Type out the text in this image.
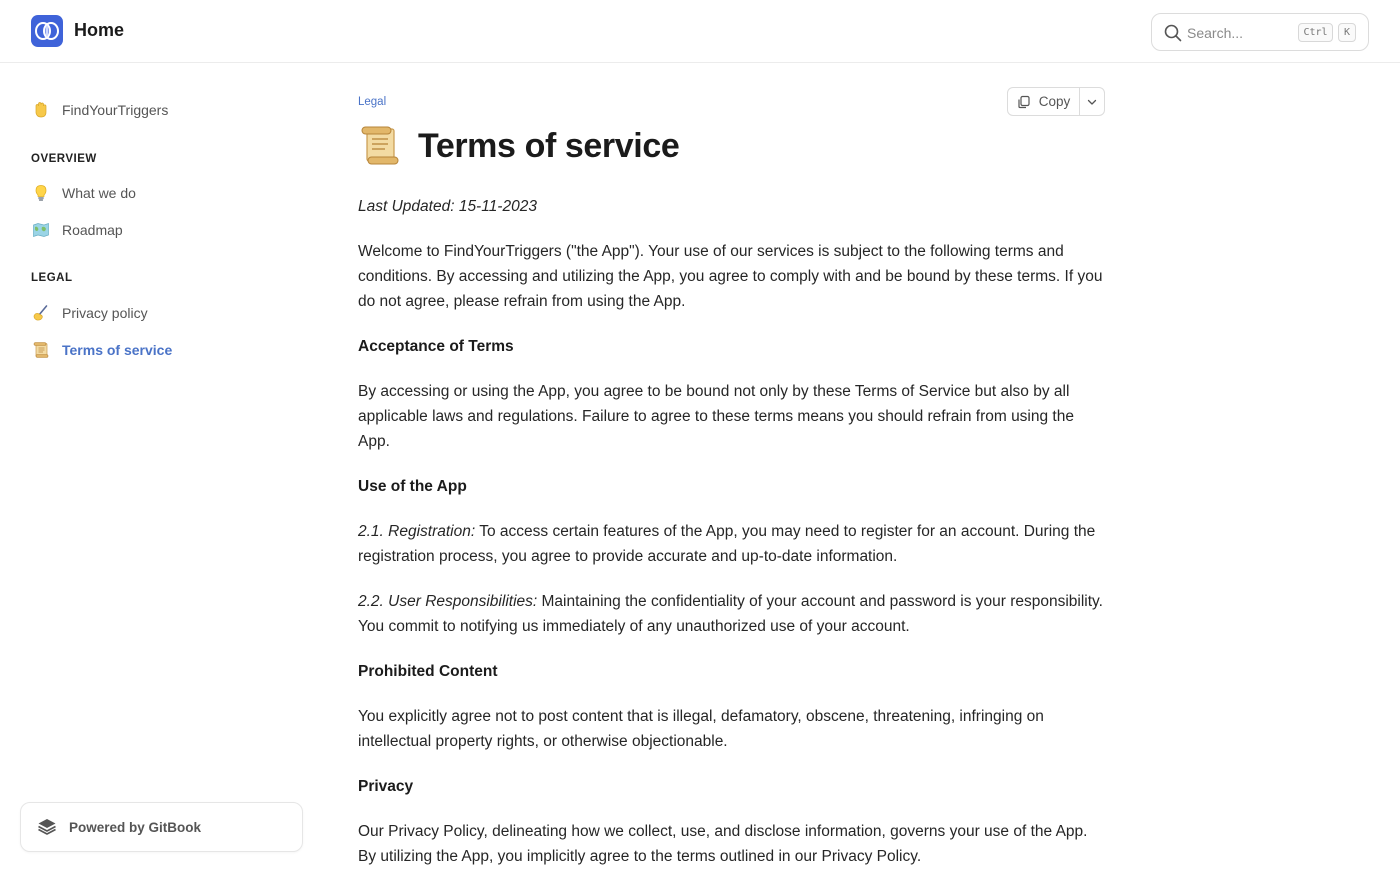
Home	Search...	Ctrl	K
FindYourTriggers
OVERVIEW
What we do
Roadmap
LEGAL
Privacy policy
Terms of service
Powered by GitBook
Legal	Copy
Terms of service

Last Updated: 15-11-2023

Welcome to FindYourTriggers ("the App"). Your use of our services is subject to the following terms and conditions. By accessing and utilizing the App, you agree to comply with and be bound by these terms. If you do not agree, please refrain from using the App.

Acceptance of Terms

By accessing or using the App, you agree to be bound not only by these Terms of Service but also by all applicable laws and regulations. Failure to agree to these terms means you should refrain from using the App.

Use of the App

2.1. Registration: To access certain features of the App, you may need to register for an account. During the registration process, you agree to provide accurate and up-to-date information.

2.2. User Responsibilities: Maintaining the confidentiality of your account and password is your responsibility. You commit to notifying us immediately of any unauthorized use of your account.

Prohibited Content

You explicitly agree not to post content that is illegal, defamatory, obscene, threatening, infringing on intellectual property rights, or otherwise objectionable.

Privacy

Our Privacy Policy, delineating how we collect, use, and disclose information, governs your use of the App. By utilizing the App, you implicitly agree to the terms outlined in our Privacy Policy.
